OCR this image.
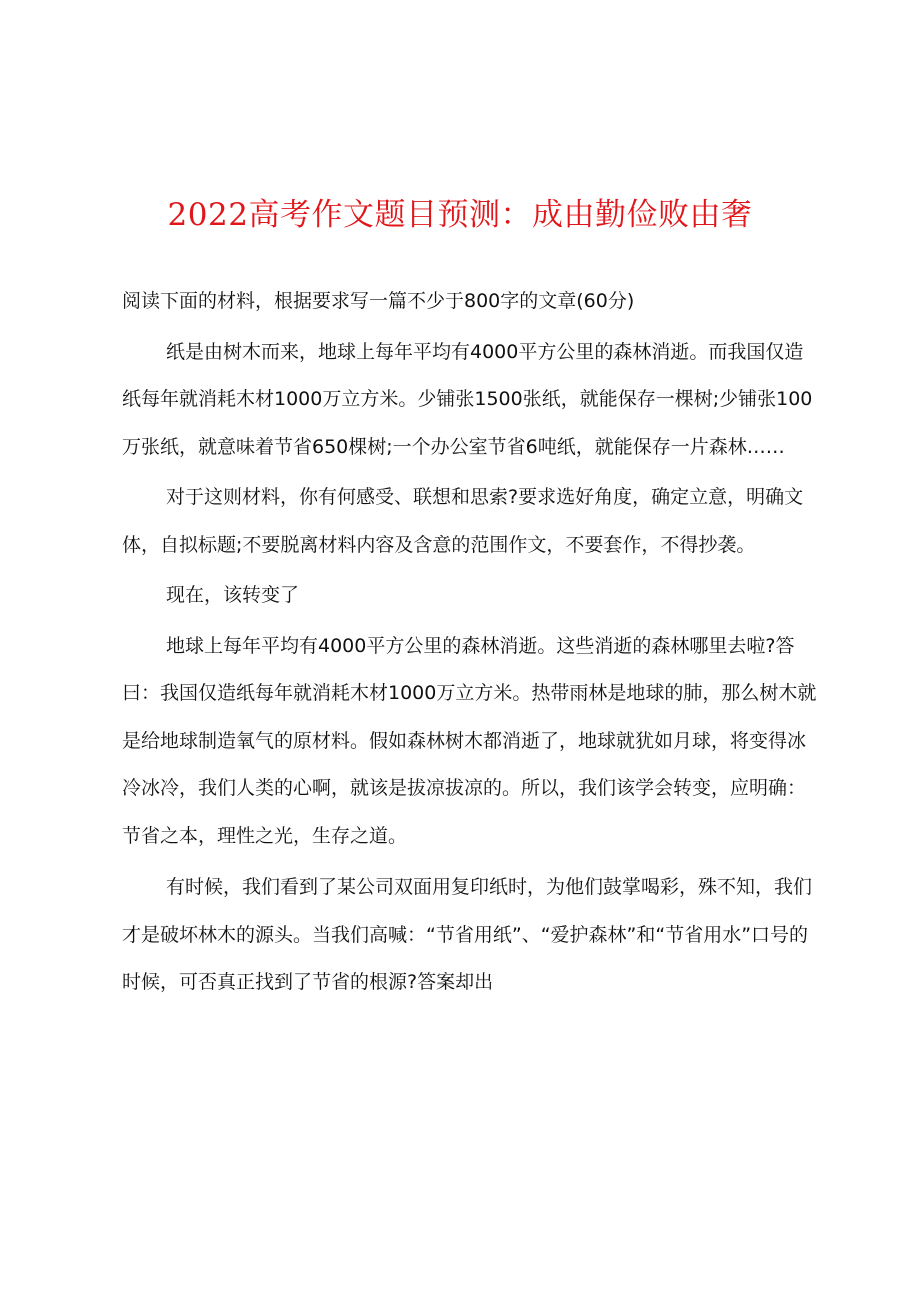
2022高考作文题目预测：成由勤俭败由奢

阅读下面的材料，根据要求写一篇不少于800字的文章(60分)

纸是由树木而来，地球上每年平均有4000平方公里的森林消逝。而我国仅造纸每年就消耗木材1000万立方米。少铺张1500张纸，就能保存一棵树;少铺张100万张纸，就意味着节省650棵树;一个办公室节省6吨纸，就能保存一片森林……

对于这则材料，你有何感受、联想和思索?要求选好角度，确定立意，明确文体，自拟标题;不要脱离材料内容及含意的范围作文，不要套作，不得抄袭。

现在，该转变了

地球上每年平均有4000平方公里的森林消逝。这些消逝的森林哪里去啦?答曰：我国仅造纸每年就消耗木材1000万立方米。热带雨林是地球的肺，那么树木就是给地球制造氧气的原材料。假如森林树木都消逝了，地球就犹如月球，将变得冰冷冰冷，我们人类的心啊，就该是拔凉拔凉的。所以，我们该学会转变，应明确：节省之本，理性之光，生存之道。

有时候，我们看到了某公司双面用复印纸时，为他们鼓掌喝彩，殊不知，我们才是破坏林木的源头。当我们高喊：“节省用纸”、“爱护森林”和“节省用水”口号的时候，可否真正找到了节省的根源?答案却出
